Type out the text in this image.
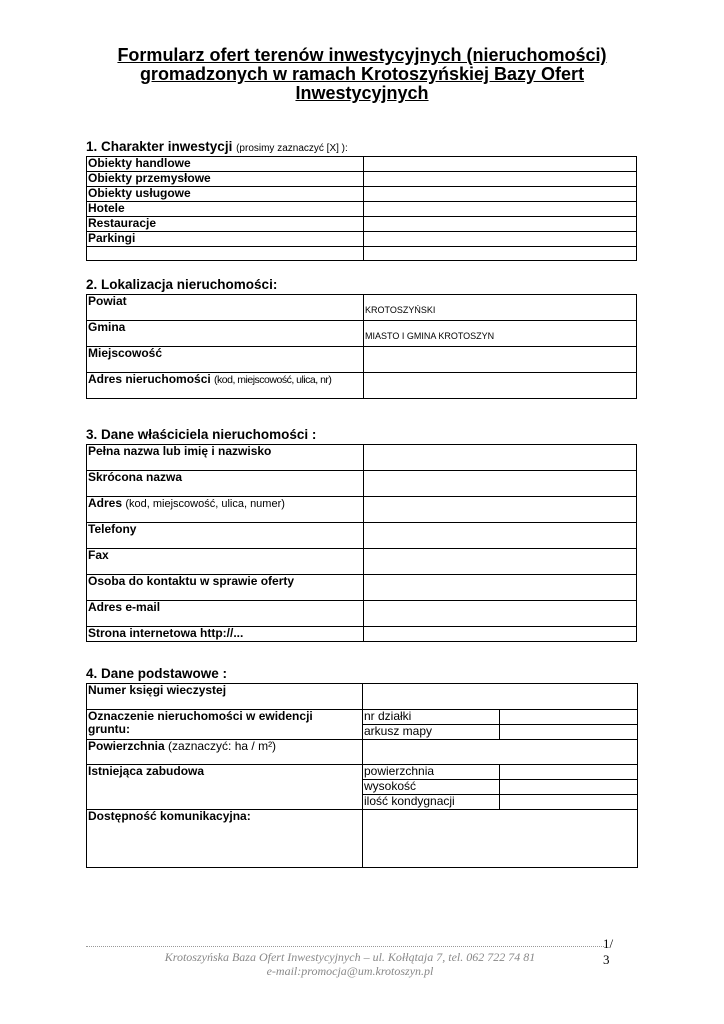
Formularz ofert terenów inwestycyjnych (nieruchomości)
gromadzonych w ramach Krotoszyńskiej Bazy Ofert
Inwestycyjnych
1. Charakter inwestycji (prosimy zaznaczyć [X] ):
Obiekty handlowe	
Obiekty przemysłowe	
Obiekty usługowe	
Hotele	
Restauracje	
Parkingi	

2. Lokalizacja nieruchomości:
Powiat	KROTOSZYŃSKI
Gmina	MIASTO I GMINA KROTOSZYN
Miejscowość	
Adres nieruchomości (kod, miejscowość, ulica, nr)	
3. Dane właściciela nieruchomości :
Pełna nazwa lub imię i nazwisko	
Skrócona nazwa	
Adres (kod, miejscowość, ulica, numer)	
Telefony	
Fax	
Osoba do kontaktu w sprawie oferty	
Adres e-mail	
Strona internetowa http://...	
4. Dane podstawowe :
Numer księgi wieczystej		
Oznaczenie nieruchomości w ewidencji
gruntu:	nr działki	
	arkusz mapy	
Powierzchnia (zaznaczyć: ha / m²)		
Istniejąca zabudowa	powierzchnia	
	wysokość	
	ilość kondygnacji	
Dostępność komunikacyjna:		
Krotoszyńska Baza Ofert Inwestycyjnych – ul. Kołłątaja 7, tel. 062 722 74 81
e-mail:promocja@um.krotoszyn.pl
1/
3
